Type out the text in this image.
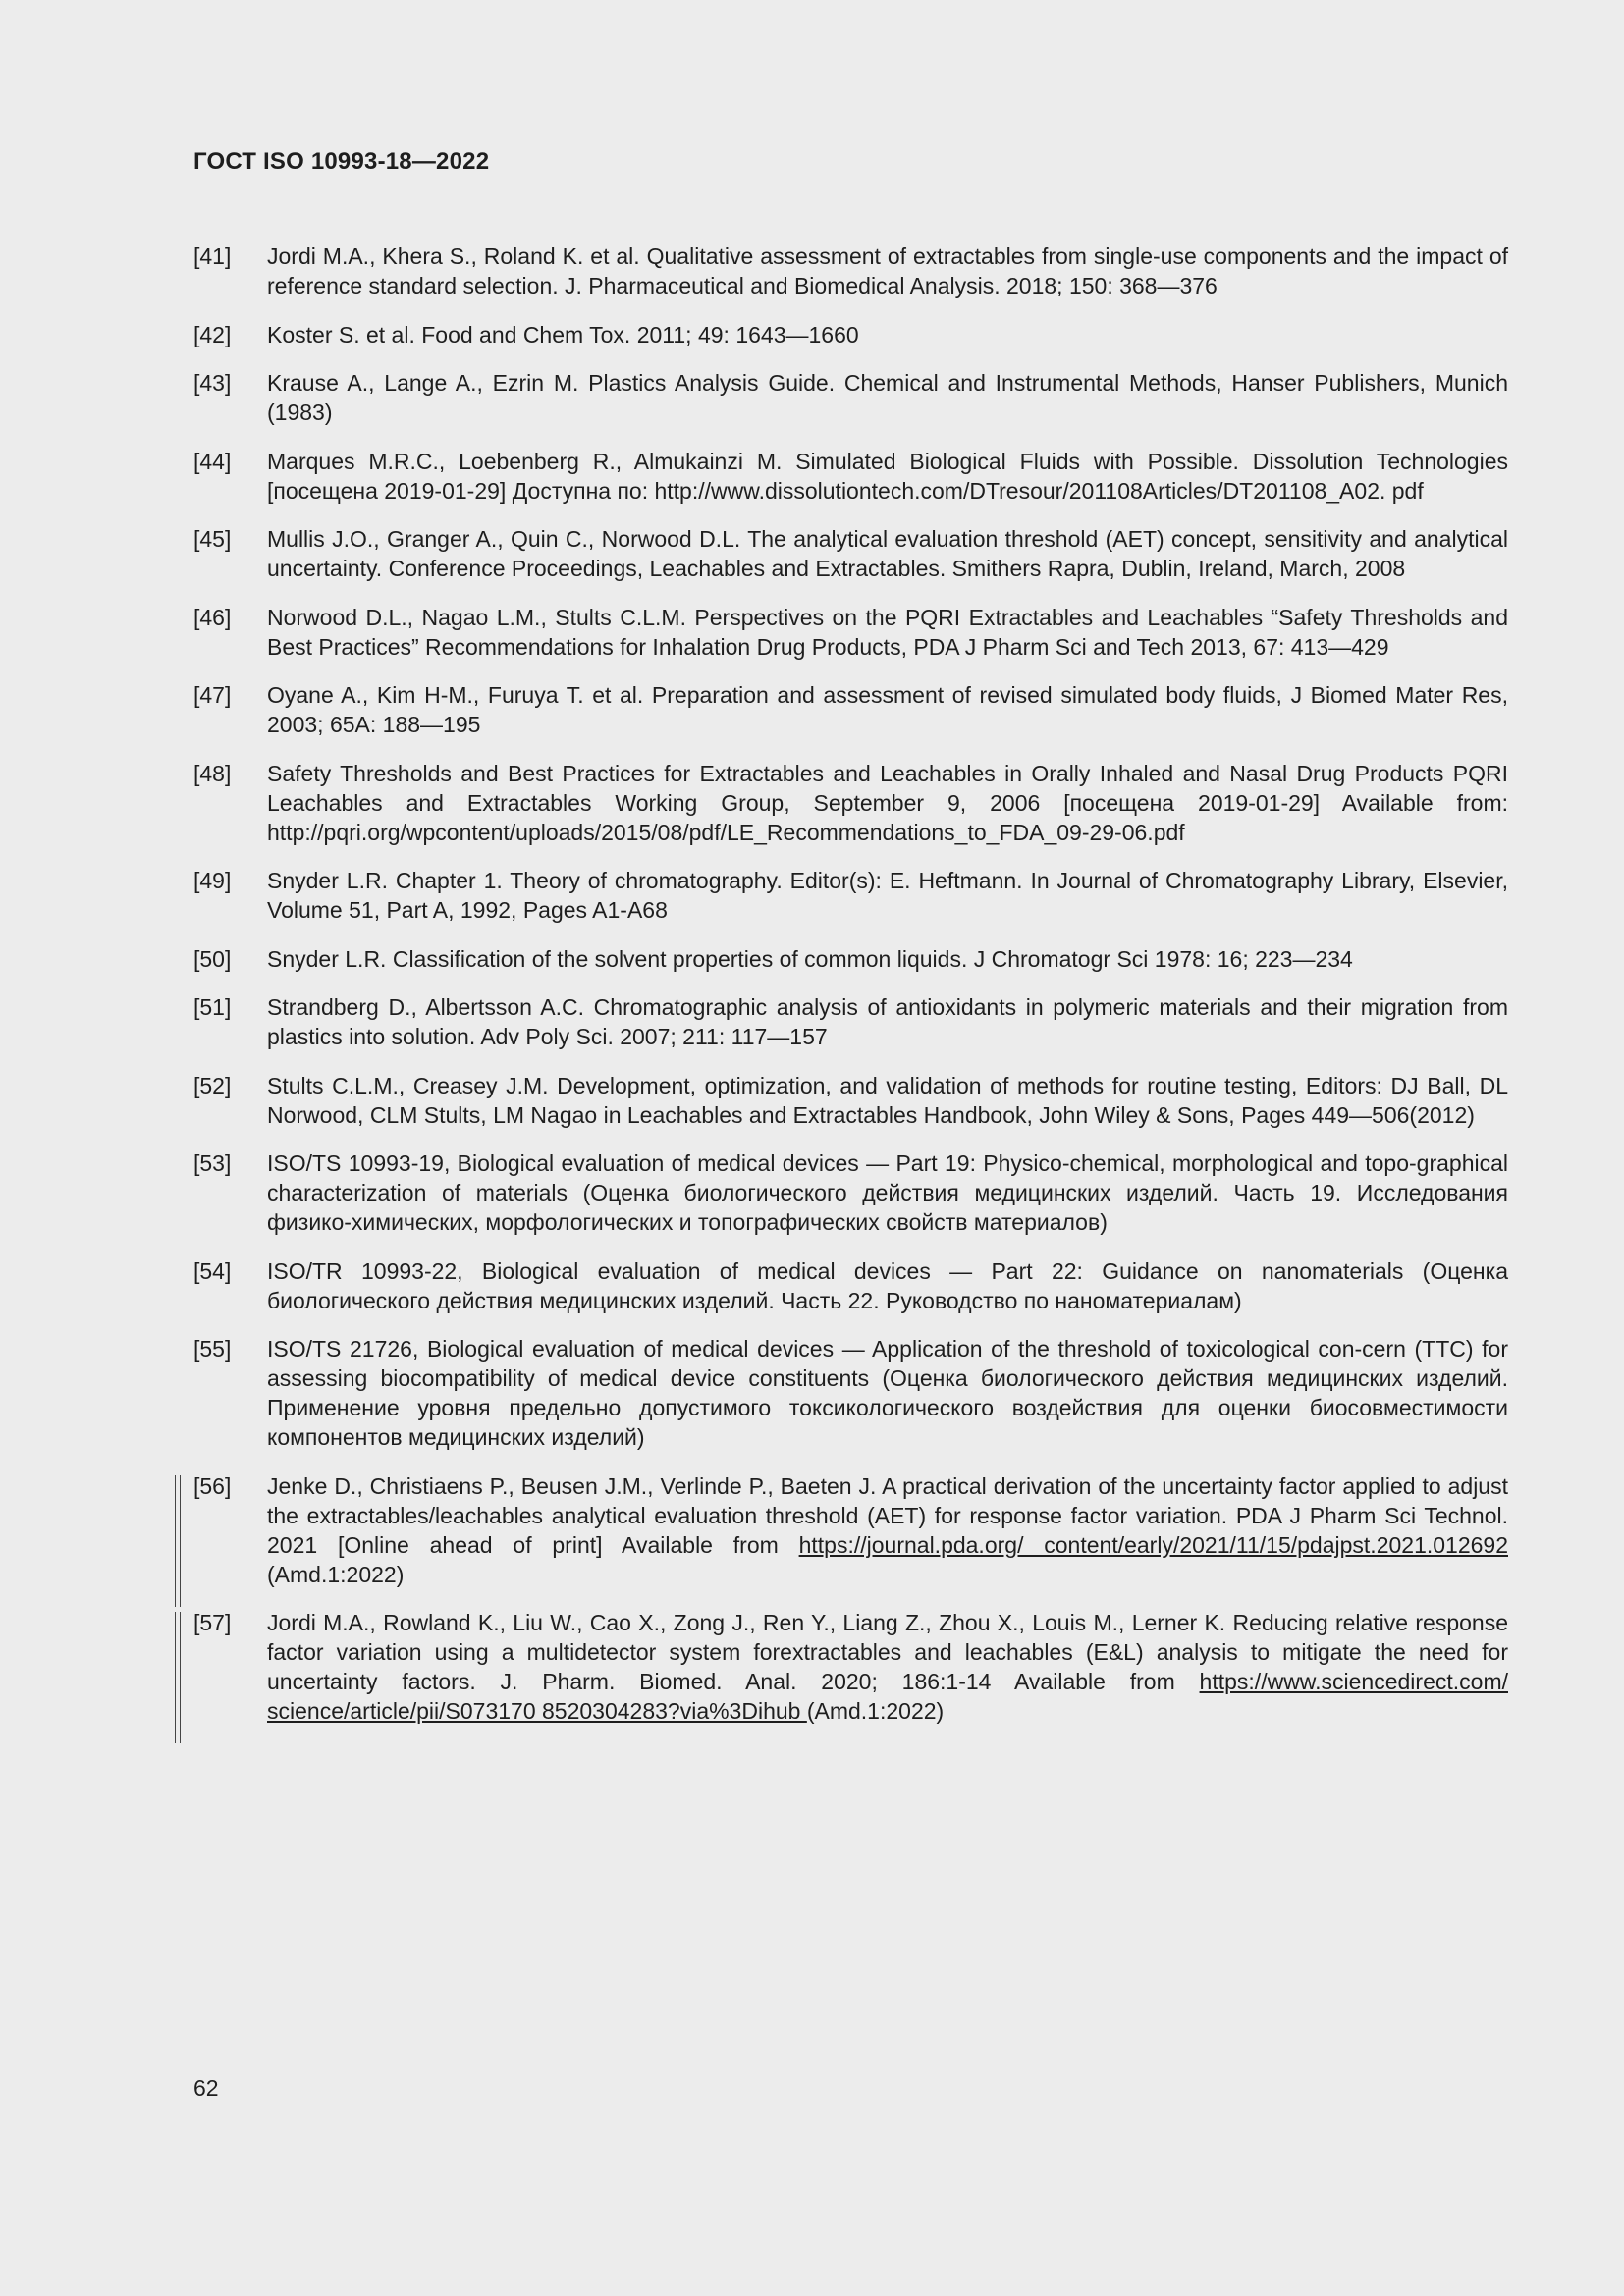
ГОСТ ISO 10993-18—2022
[41]	Jordi M.A., Khera S., Roland K. et al. Qualitative assessment of extractables from single-use components and the impact of reference standard selection. J. Pharmaceutical and Biomedical Analysis. 2018; 150: 368—376
[42]	Koster S. et al. Food and Chem Tox. 2011; 49: 1643—1660
[43]	Krause A., Lange A., Ezrin M. Plastics Analysis Guide. Chemical and Instrumental Methods, Hanser Publishers, Munich (1983)
[44]	Marques M.R.C., Loebenberg R., Almukainzi M. Simulated Biological Fluids with Possible. Dissolution Technologies [посещена 2019-01-29] Доступна по: http://www.dissolutiontech.com/DTresour/201108Articles/DT201108_A02. pdf
[45]	Mullis J.O., Granger A., Quin C., Norwood D.L. The analytical evaluation threshold (AET) concept, sensitivity and analytical uncertainty. Conference Proceedings, Leachables and Extractables. Smithers Rapra, Dublin, Ireland, March, 2008
[46]	Norwood D.L., Nagao L.M., Stults C.L.M. Perspectives on the PQRI Extractables and Leachables “Safety Thresholds and Best Practices” Recommendations for Inhalation Drug Products, PDA J Pharm Sci and Tech 2013, 67: 413—429
[47]	Oyane A., Kim H-M., Furuya T. et al. Preparation and assessment of revised simulated body fluids, J Biomed Mater Res, 2003; 65A: 188—195
[48]	Safety Thresholds and Best Practices for Extractables and Leachables in Orally Inhaled and Nasal Drug Products PQRI Leachables and Extractables Working Group, September 9, 2006 [посещена 2019-01-29] Available from: http://pqri.org/wpcontent/uploads/2015/08/pdf/LE_Recommendations_to_FDA_09-29-06.pdf
[49]	Snyder L.R. Chapter 1. Theory of chromatography. Editor(s): E. Heftmann. In Journal of Chromatography Library, Elsevier, Volume 51, Part A, 1992, Pages A1-A68
[50]	Snyder L.R. Classification of the solvent properties of common liquids. J Chromatogr Sci 1978: 16; 223—234
[51]	Strandberg D., Albertsson A.C. Chromatographic analysis of antioxidants in polymeric materials and their migration from plastics into solution. Adv Poly Sci. 2007; 211: 117—157
[52]	Stults C.L.M., Creasey J.M. Development, optimization, and validation of methods for routine testing, Editors: DJ Ball, DL Norwood, CLM Stults, LM Nagao in Leachables and Extractables Handbook, John Wiley & Sons, Pages 449—506(2012)
[53]	ISO/TS 10993-19, Biological evaluation of medical devices — Part 19: Physico-chemical, morphological and topo-graphical characterization of materials (Оценка биологического действия медицинских изделий. Часть 19. Исследования физико-химических, морфологических и топографических свойств материалов)
[54]	ISO/TR 10993-22, Biological evaluation of medical devices — Part 22: Guidance on nanomaterials (Оценка биологического действия медицинских изделий. Часть 22. Руководство по наноматериалам)
[55]	ISO/TS 21726, Biological evaluation of medical devices — Application of the threshold of toxicological con-cern (TTC) for assessing biocompatibility of medical device constituents (Оценка биологического действия медицинских изделий. Применение уровня предельно допустимого токсикологического воздействия для оценки биосовместимости компонентов медицинских изделий)
[56]	Jenke D., Christiaens P., Beusen J.M., Verlinde P., Baeten J. A practical derivation of the uncertainty factor applied to adjust the extractables/leachables analytical evaluation threshold (AET) for response factor variation. PDA J Pharm Sci Technol. 2021 [Online ahead of print] Available from https://journal.pda.org/ content/early/2021/11/15/pdajpst.2021.012692 (Amd.1:2022)
[57]	Jordi M.A., Rowland K., Liu W., Cao X., Zong J., Ren Y., Liang Z., Zhou X., Louis M., Lerner K. Reducing relative response factor variation using a multidetector system forextractables and leachables (E&L) analysis to mitigate the need for uncertainty factors. J. Pharm. Biomed. Anal. 2020; 186:1-14 Available from https://www.sciencedirect.com/ science/article/pii/S073170 8520304283?via%3Dihub (Amd.1:2022)
62
